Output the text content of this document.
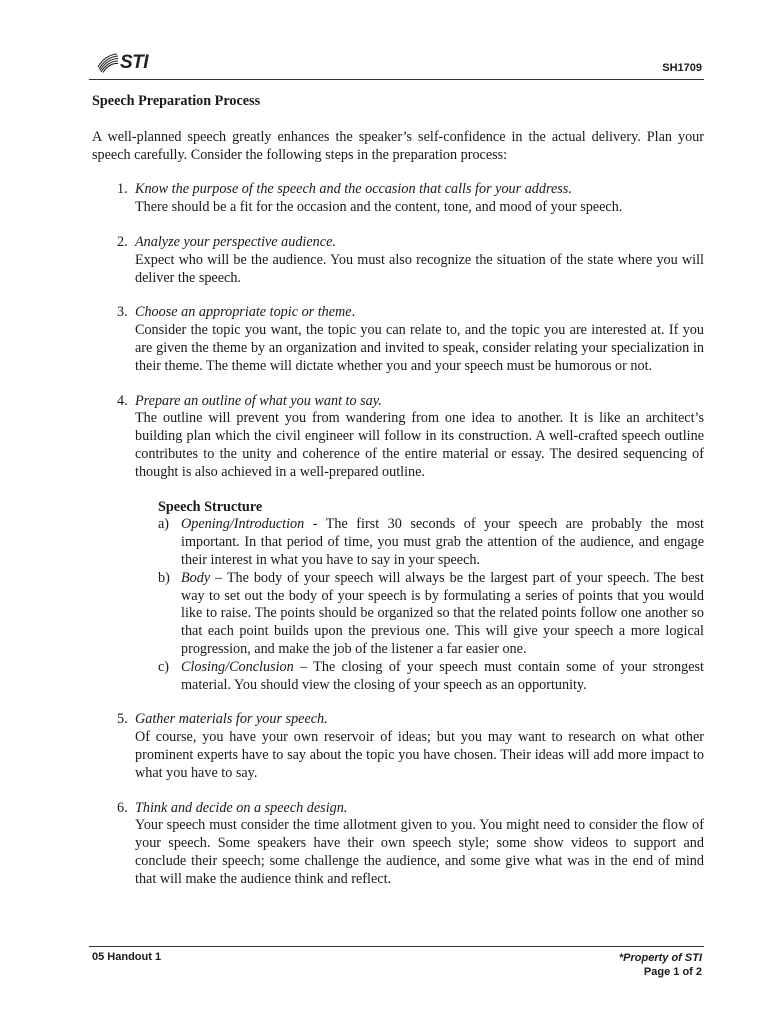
STI	SH1709

Speech Preparation Process

A well-planned speech greatly enhances the speaker’s self-confidence in the actual delivery. Plan your speech carefully. Consider the following steps in the preparation process:

1. Know the purpose of the speech and the occasion that calls for your address.
There should be a fit for the occasion and the content, tone, and mood of your speech.
2. Analyze your perspective audience.
Expect who will be the audience. You must also recognize the situation of the state where you will deliver the speech.
3. Choose an appropriate topic or theme.
Consider the topic you want, the topic you can relate to, and the topic you are interested at. If you are given the theme by an organization and invited to speak, consider relating your specialization in their theme. The theme will dictate whether you and your speech must be humorous or not.
4. Prepare an outline of what you want to say.
The outline will prevent you from wandering from one idea to another. It is like an architect’s building plan which the civil engineer will follow in its construction. A well-crafted speech outline contributes to the unity and coherence of the entire material or essay. The desired sequencing of thought is also achieved in a well-prepared outline.
Speech Structure
a) Opening/Introduction - The first 30 seconds of your speech are probably the most important. In that period of time, you must grab the attention of the audience, and engage their interest in what you have to say in your speech.
b) Body – The body of your speech will always be the largest part of your speech. The best way to set out the body of your speech is by formulating a series of points that you would like to raise. The points should be organized so that the related points follow one another so that each point builds upon the previous one. This will give your speech a more logical progression, and make the job of the listener a far easier one.
c) Closing/Conclusion – The closing of your speech must contain some of your strongest material. You should view the closing of your speech as an opportunity.
5. Gather materials for your speech.
Of course, you have your own reservoir of ideas; but you may want to research on what other prominent experts have to say about the topic you have chosen. Their ideas will add more impact to what you have to say.
6. Think and decide on a speech design.
Your speech must consider the time allotment given to you. You might need to consider the flow of your speech. Some speakers have their own speech style; some show videos to support and conclude their speech; some challenge the audience, and some give what was in the end of mind that will make the audience think and reflect.
05 Handout 1	*Property of STI
Page 1 of 2
